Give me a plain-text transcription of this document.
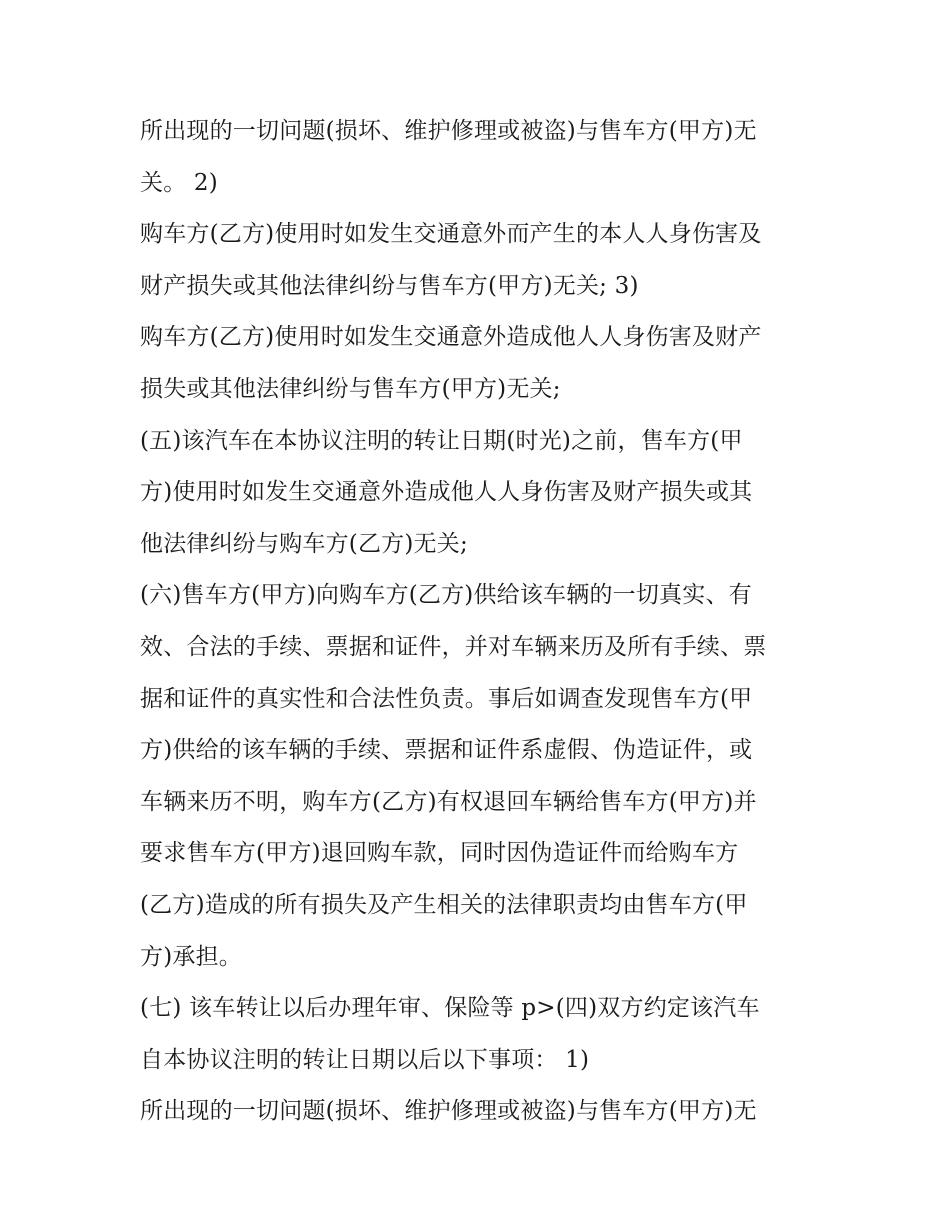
所出现的一切问题(损坏、维护修理或被盗)与售车方(甲方)无
关。 2)
购车方(乙方)使用时如发生交通意外而产生的本人人身伤害及
财产损失或其他法律纠纷与售车方(甲方)无关; 3)
购车方(乙方)使用时如发生交通意外造成他人人身伤害及财产
损失或其他法律纠纷与售车方(甲方)无关;
(五)该汽车在本协议注明的转让日期(时光)之前，售车方(甲
方)使用时如发生交通意外造成他人人身伤害及财产损失或其
他法律纠纷与购车方(乙方)无关;
(六)售车方(甲方)向购车方(乙方)供给该车辆的一切真实、有
效、合法的手续、票据和证件，并对车辆来历及所有手续、票
据和证件的真实性和合法性负责。事后如调查发现售车方(甲
方)供给的该车辆的手续、票据和证件系虚假、伪造证件，或
车辆来历不明，购车方(乙方)有权退回车辆给售车方(甲方)并
要求售车方(甲方)退回购车款，同时因伪造证件而给购车方
(乙方)造成的所有损失及产生相关的法律职责均由售车方(甲
方)承担。
(七) 该车转让以后办理年审、保险等 p>(四)双方约定该汽车
自本协议注明的转让日期以后以下事项： 1)
所出现的一切问题(损坏、维护修理或被盗)与售车方(甲方)无
